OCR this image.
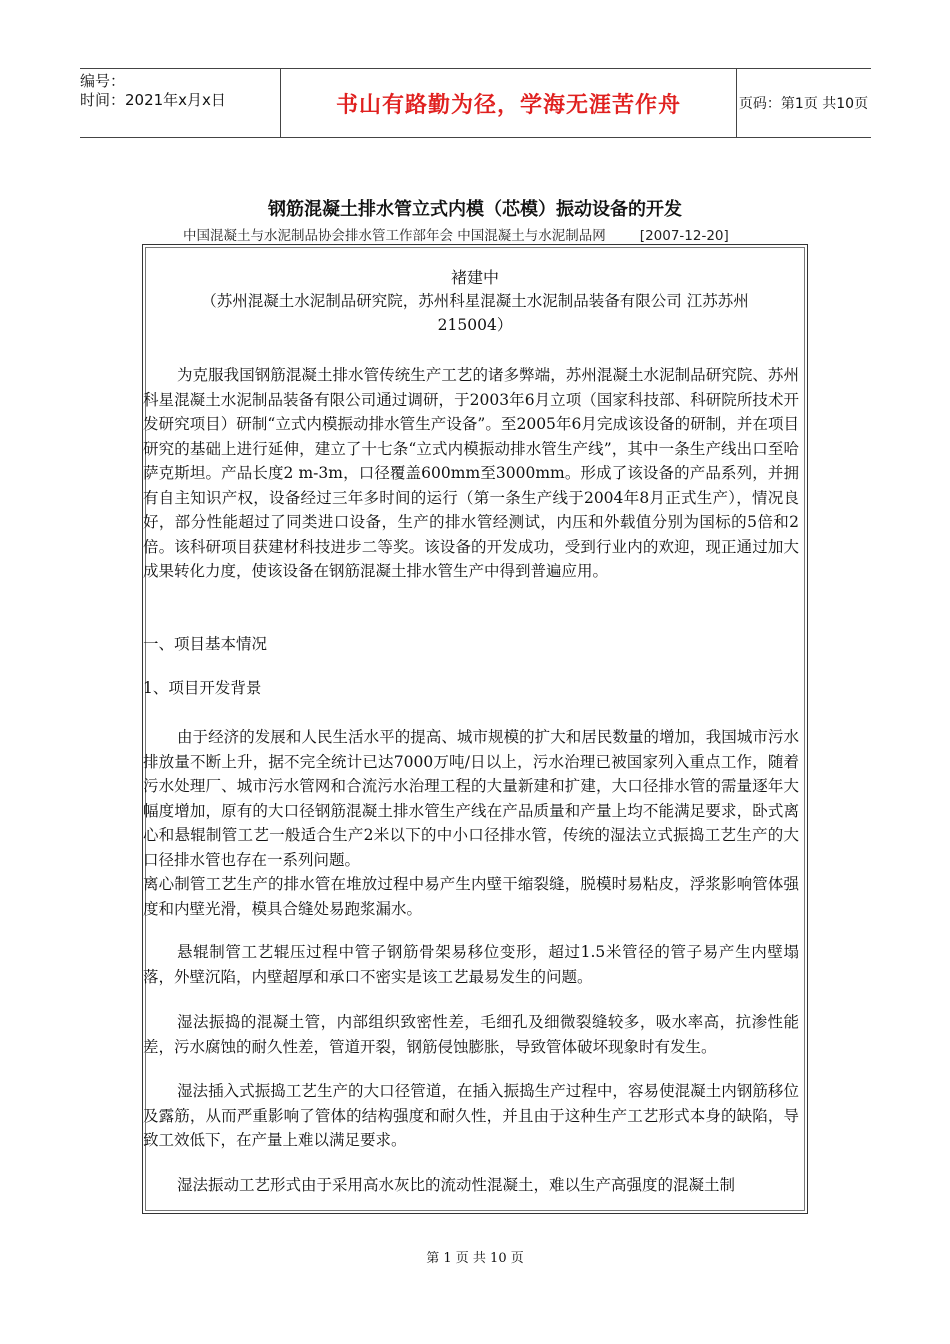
编号：
时间：2021年x月x日	书山有路勤为径，学海无涯苦作舟	页码：第1页 共10页
钢筋混凝土排水管立式内模（芯模）振动设备的开发
中国混凝土与水泥制品协会排水管工作部年会 中国混凝土与水泥制品网	[2007-12-20]
褚建中
（苏州混凝土水泥制品研究院，苏州科星混凝土水泥制品装备有限公司 江苏苏州
215004）
为克服我国钢筋混凝土排水管传统生产工艺的诸多弊端，苏州混凝土水泥制品研究院、苏州科星混凝土水泥制品装备有限公司通过调研，于2003年6月立项（国家科技部、科研院所技术开发研究项目）研制“立式内模振动排水管生产设备”。至2005年6月完成该设备的研制，并在项目研究的基础上进行延伸，建立了十七条“立式内模振动排水管生产线”，其中一条生产线出口至哈萨克斯坦。产品长度2 m-3m，口径覆盖600mm至3000mm。形成了该设备的产品系列，并拥有自主知识产权，设备经过三年多时间的运行（第一条生产线于2004年8月正式生产），情况良好，部分性能超过了同类进口设备，生产的排水管经测试，内压和外载值分别为国标的5倍和2倍。该科研项目获建材科技进步二等奖。该设备的开发成功，受到行业内的欢迎，现正通过加大成果转化力度，使该设备在钢筋混凝土排水管生产中得到普遍应用。
一、项目基本情况
1、项目开发背景
由于经济的发展和人民生活水平的提高、城市规模的扩大和居民数量的增加，我国城市污水排放量不断上升，据不完全统计已达7000万吨/日以上，污水治理已被国家列入重点工作，随着污水处理厂、城市污水管网和合流污水治理工程的大量新建和扩建，大口径排水管的需量逐年大幅度增加，原有的大口径钢筋混凝土排水管生产线在产品质量和产量上均不能满足要求，卧式离心和悬辊制管工艺一般适合生产2米以下的中小口径排水管，传统的湿法立式振捣工艺生产的大口径排水管也存在一系列问题。
离心制管工艺生产的排水管在堆放过程中易产生内壁干缩裂缝，脱模时易粘皮，浮浆影响管体强度和内壁光滑，模具合缝处易跑浆漏水。
悬辊制管工艺辊压过程中管子钢筋骨架易移位变形，超过1.5米管径的管子易产生内壁塌落，外壁沉陷，内壁超厚和承口不密实是该工艺最易发生的问题。
湿法振捣的混凝土管，内部组织致密性差，毛细孔及细微裂缝较多，吸水率高，抗渗性能差，污水腐蚀的耐久性差，管道开裂，钢筋侵蚀膨胀，导致管体破坏现象时有发生。
湿法插入式振捣工艺生产的大口径管道，在插入振捣生产过程中，容易使混凝土内钢筋移位及露筋，从而严重影响了管体的结构强度和耐久性，并且由于这种生产工艺形式本身的缺陷，导致工效低下，在产量上难以满足要求。
湿法振动工艺形式由于采用高水灰比的流动性混凝土，难以生产高强度的混凝土制
第 1 页 共 10 页
